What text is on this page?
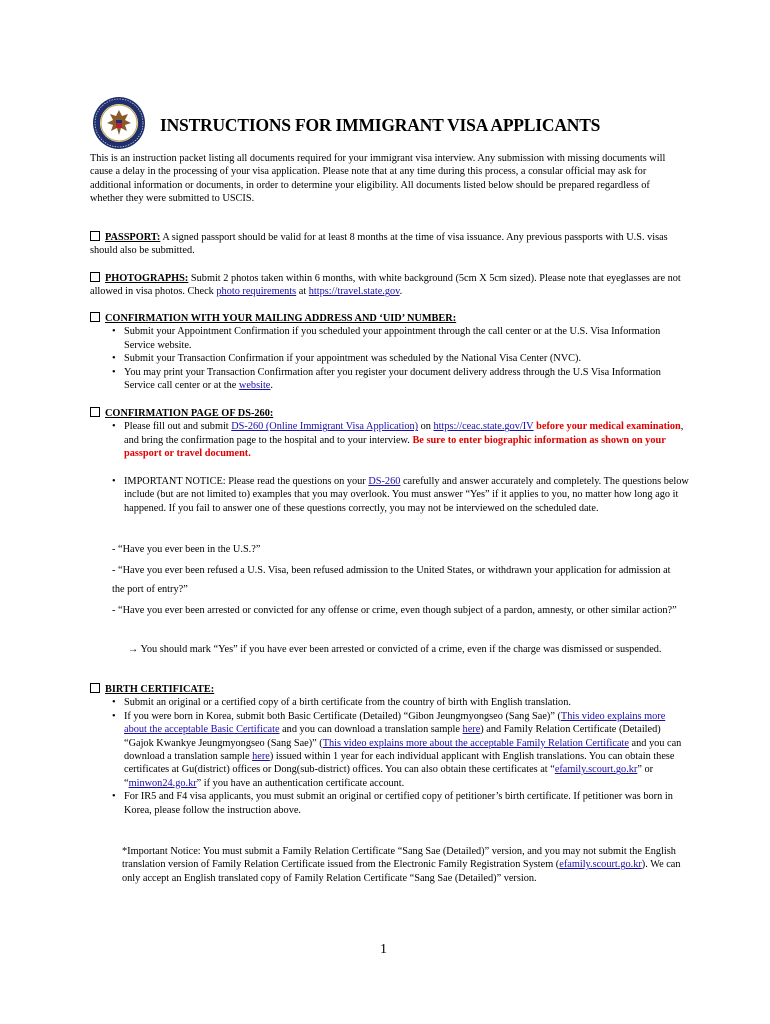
INSTRUCTIONS FOR IMMIGRANT VISA APPLICANTS
This is an instruction packet listing all documents required for your immigrant visa interview. Any submission with missing documents will cause a delay in the processing of your visa application. Please note that at any time during this process, a consular official may ask for additional information or documents, in order to determine your eligibility. All documents listed below should be prepared regardless of whether they were submitted to USCIS.
PASSPORT: A signed passport should be valid for at least 8 months at the time of visa issuance. Any previous passports with U.S. visas should also be submitted.
PHOTOGRAPHS: Submit 2 photos taken within 6 months, with white background (5cm X 5cm sized). Please note that eyeglasses are not allowed in visa photos. Check photo requirements at https://travel.state.gov.
CONFIRMATION WITH YOUR MAILING ADDRESS AND ‘UID’ NUMBER:
• Submit your Appointment Confirmation if you scheduled your appointment through the call center or at the U.S. Visa Information Service website.
• Submit your Transaction Confirmation if your appointment was scheduled by the National Visa Center (NVC).
• You may print your Transaction Confirmation after you register your document delivery address through the U.S Visa Information Service call center or at the website.
CONFIRMATION PAGE OF DS-260:
• Please fill out and submit DS-260 (Online Immigrant Visa Application) on https://ceac.state.gov/IV before your medical examination, and bring the confirmation page to the hospital and to your interview. Be sure to enter biographic information as shown on your passport or travel document.
• IMPORTANT NOTICE: Please read the questions on your DS-260 carefully and answer accurately and completely. The questions below include (but are not limited to) examples that you may overlook. You must answer “Yes” if it applies to you, no matter how long ago it happened. If you fail to answer one of these questions correctly, you may not be interviewed on the scheduled date.
- “Have you ever been in the U.S.?”
- “Have you ever been refused a U.S. Visa, been refused admission to the United States, or withdrawn your application for admission at the port of entry?”
- “Have you ever been arrested or convicted for any offense or crime, even though subject of a pardon, amnesty, or other similar action?”
→ You should mark “Yes” if you have ever been arrested or convicted of a crime, even if the charge was dismissed or suspended.
BIRTH CERTIFICATE:
• Submit an original or a certified copy of a birth certificate from the country of birth with English translation.
• If you were born in Korea, submit both Basic Certificate (Detailed) “Gibon Jeungmyongseo (Sang Sae)” (This video explains more about the acceptable Basic Certificate and you can download a translation sample here) and Family Relation Certificate (Detailed) “Gajok Kwankye Jeungmyongseo (Sang Sae)” (This video explains more about the acceptable Family Relation Certificate and you can download a translation sample here) issued within 1 year for each individual applicant with English translations. You can obtain these certificates at Gu(district) offices or Dong(sub-district) offices. You can also obtain these certificates at “efamily.scourt.go.kr” or “minwon24.go.kr” if you have an authentication certificate account.
• For IR5 and F4 visa applicants, you must submit an original or certified copy of petitioner’s birth certificate. If petitioner was born in Korea, please follow the instruction above.
*Important Notice: You must submit a Family Relation Certificate “Sang Sae (Detailed)” version, and you may not submit the English translation version of Family Relation Certificate issued from the Electronic Family Registration System (efamily.scourt.go.kr). We can only accept an English translated copy of Family Relation Certificate “Sang Sae (Detailed)” version.
1
